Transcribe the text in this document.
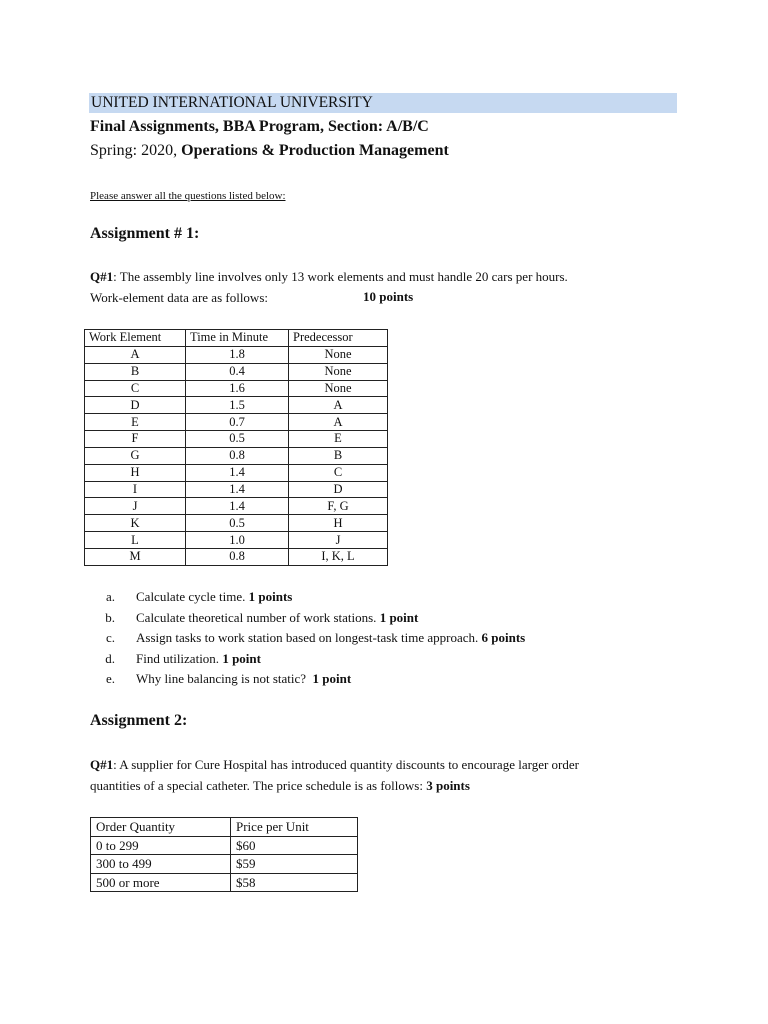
UNITED INTERNATIONAL UNIVERSITY
Final Assignments, BBA Program, Section: A/B/C
Spring: 2020, Operations & Production Management
Please answer all the questions listed below:
Assignment # 1:
Q#1: The assembly line involves only 13 work elements and must handle 20 cars per hours.
Work-element data are as follows:	10 points
Work Element	Time in Minute	Predecessor
A	1.8	None
B	0.4	None
C	1.6	None
D	1.5	A
E	0.7	A
F	0.5	E
G	0.8	B
H	1.4	C
I	1.4	D
J	1.4	F, G
K	0.5	H
L	1.0	J
M	0.8	I, K, L
a.	Calculate cycle time. 1 points
b.	Calculate theoretical number of work stations. 1 point
c.	Assign tasks to work station based on longest-task time approach. 6 points
d.	Find utilization. 1 point
e.	Why line balancing is not static?  1 point
Assignment 2:
Q#1: A supplier for Cure Hospital has introduced quantity discounts to encourage larger order
quantities of a special catheter. The price schedule is as follows: 3 points
Order Quantity	Price per Unit
0 to 299	$60
300 to 499	$59
500 or more	$58
